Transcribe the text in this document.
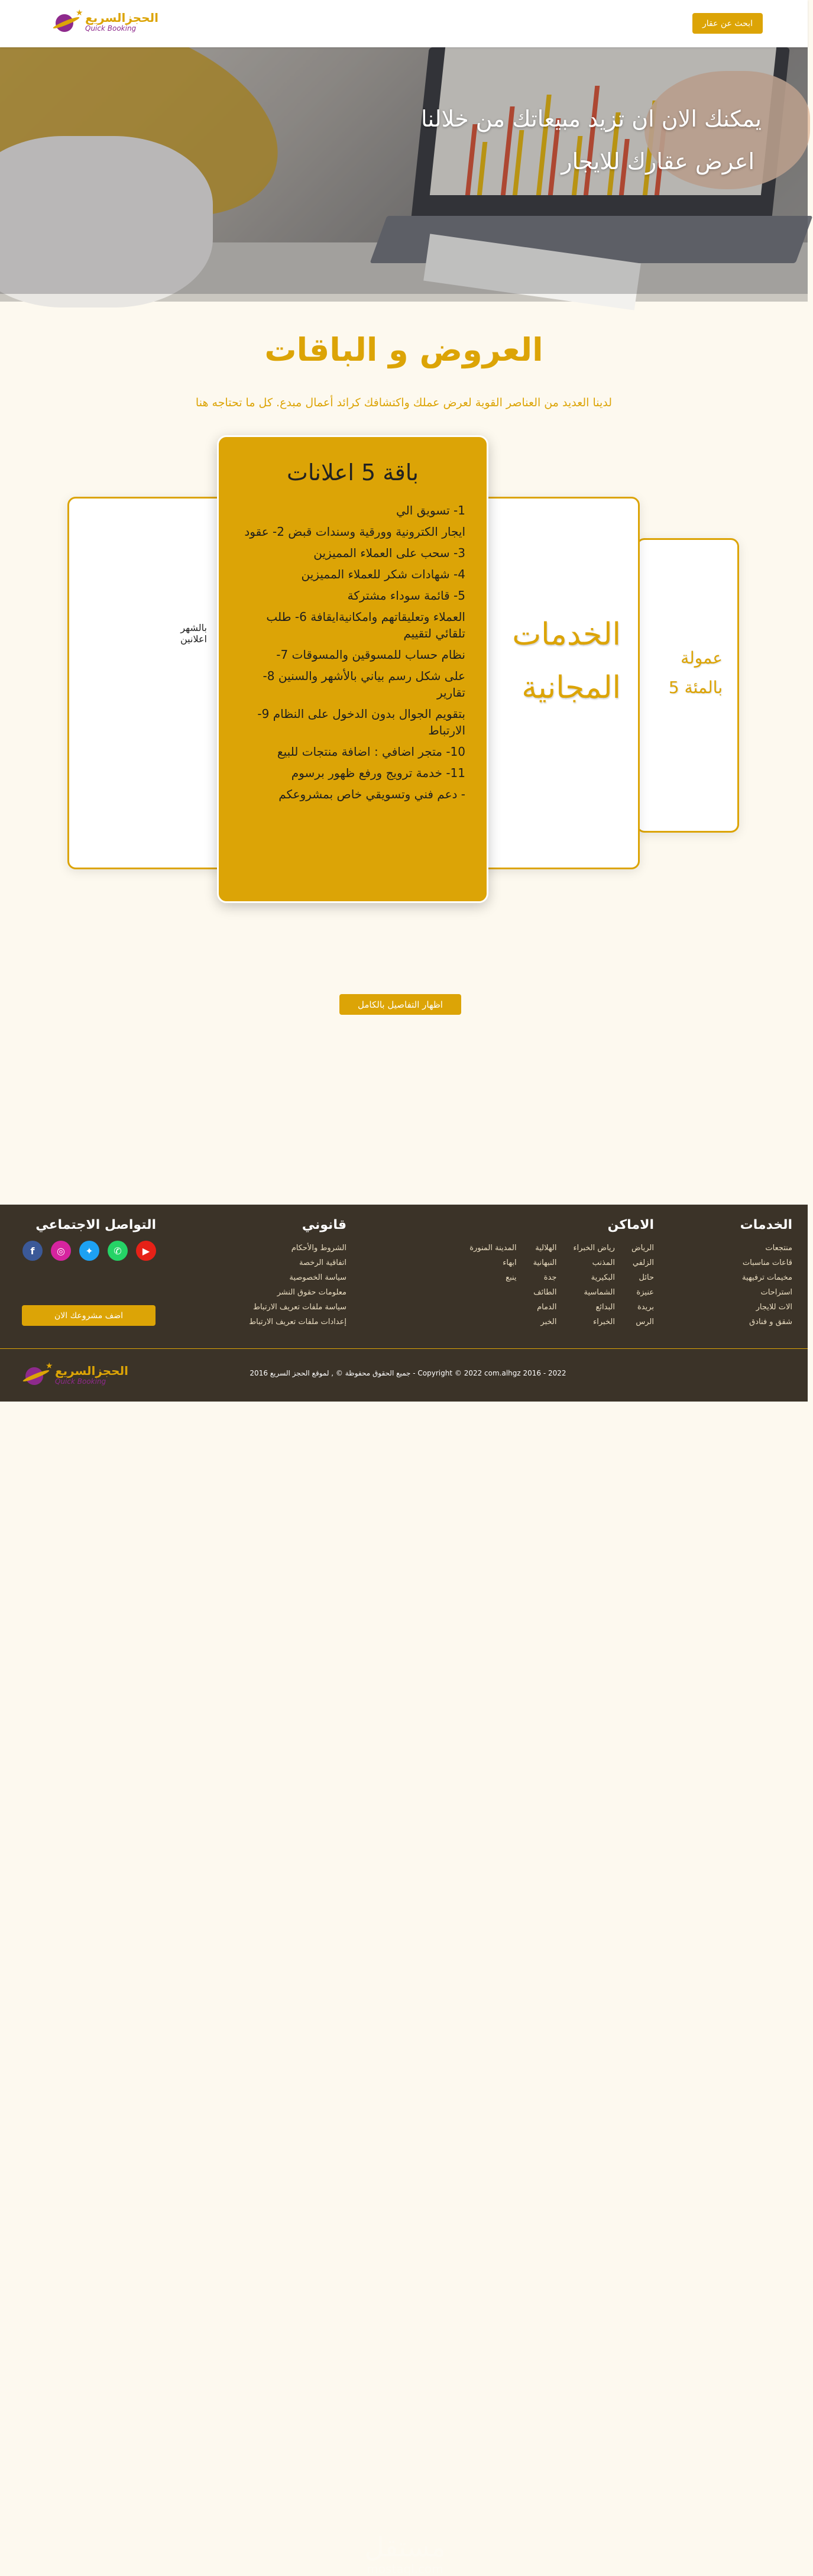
★ الحجزالسريع
Quick Booking
ابحث عن عقار
يمكنك الان ان تزيد مبيعاتك من خلالنا
اعرض عقارك للايجار
العروض و الباقات

لدينا العديد من العناصر القوية لعرض عملك واكتشافك كرائد أعمال مبدع. كل ما تحتاجه هنا

بالشهر
اعلانين	الخدمات
المجانية
عمولة
5 بالمئة
باقة 5 اعلانات
1- تسويق الي
ايجار الكترونية وورقية وسندات قبض 2- عقود
3- سحب على العملاء المميزين
4- شهادات شكر للعملاء المميزين
5- قائمة سوداء مشتركة
العملاء وتعليقاتهم وامكانيةايقافة 6- طلب تلقائي لتقييم
نظام حساب للمسوقين والمسوقات 7-
على شكل رسم بياني بالأشهر والسنين 8- تقارير
بتقويم الجوال بدون الدخول على النظام 9- الارتباط
10- متجر اضافي : اضافة منتجات للبيع
11- خدمة ترويج ورفع ظهور برسوم
- دعم فني وتسويقي خاص بمشروعكم
اظهار التفاصيل بالكامل
الخدمات
منتجعات
قاعات مناسبات
مخيمات ترفيهية
استراحات
الات للايجار
شقق و فنادق
الاماكن
الرياض
الزلفي
حائل
عنيزة
بريدة
الرس
رياض الخبراء
المذنب
البكيرية
الشماسية
البدائع
الخبراء
الهلالية
النبهانية
جدة
الطائف
الدمام
الخبر
المدينة المنورة
ابهاء
ينبع
قانوني
الشروط والأحكام
اتفاقية الرخصة
سياسة الخصوصية
معلومات حقوق النشر
سياسة ملفات تعريف الارتباط
إعدادات ملفات تعريف الارتباط
التواصل الاجتماعي
▶
✆
✦
◎
f
مستقل
mostaql.com
اضف مشروعك الان
★ الحجزالسريع
Quick Booking
جميع الحقوق محفوظة © , لموقع الحجز السريع 2016 - Copyright © 2022 com.alhgz 2016 - 2022
